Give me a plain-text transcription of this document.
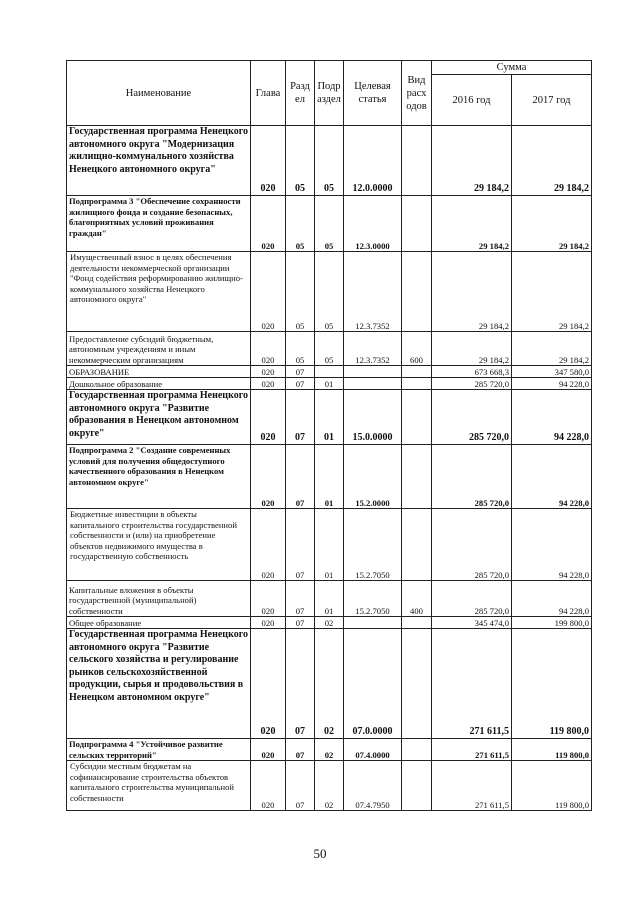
Наименование	Глава	Разд ел	Подр аздел	Целевая статья	Вид расх одов	Сумма	
						2016 год	2017 год
Государственная программа Ненецкого автономного округа "Модернизация жилищно-коммунального хозяйства Ненецкого автономного округа"	020	05	05	12.0.0000		29 184,2	29 184,2
Подпрограмма 3 "Обеспечение сохранности жилищного фонда и создание безопасных, благоприятных условий проживания граждан"	020	05	05	12.3.0000		29 184,2	29 184,2
Имущественный взнос в целях обеспечения деятельности некоммерческой организации "Фонд содействия реформированию жилищно-коммунального хозяйства Ненецкого автономного округа"	020	05	05	12.3.7352		29 184,2	29 184,2
Предоставление субсидий бюджетным, автономным учреждениям и иным некоммерческим организациям	020	05	05	12.3.7352	600	29 184,2	29 184,2
ОБРАЗОВАНИЕ	020	07				673 668,3	347 580,0
Дошкольное образование	020	07	01			285 720,0	94 228,0
Государственная программа Ненецкого автономного округа "Развитие образования в Ненецком автономном округе"	020	07	01	15.0.0000		285 720,0	94 228,0
Подпрограмма 2 "Создание современных условий для получения общедоступного качественного образования в Ненецком автономном округе"	020	07	01	15.2.0000		285 720,0	94 228,0
Бюджетные инвестиции в объекты капитального строительства государственной собственности и (или) на приобретение объектов недвижимого имущества в государственную собственность	020	07	01	15.2.7050		285 720,0	94 228,0
Капитальные вложения в объекты государственной (муниципальной) собственности	020	07	01	15.2.7050	400	285 720,0	94 228,0
Общее образование	020	07	02			345 474,0	199 800,0
Государственная программа Ненецкого автономного округа "Развитие сельского хозяйства и регулирование рынков сельскохозяйственной продукции, сырья и продовольствия в Ненецком автономном округе"	020	07	02	07.0.0000		271 611,5	119 800,0
Подпрограмма 4 "Устойчивое развитие сельских территорий"	020	07	02	07.4.0000		271 611,5	119 800,0
Субсидии местным бюджетам на софинансирование строительства объектов капитального строительства муниципальной собственности	020	07	02	07.4.7950		271 611,5	119 800,0
50
